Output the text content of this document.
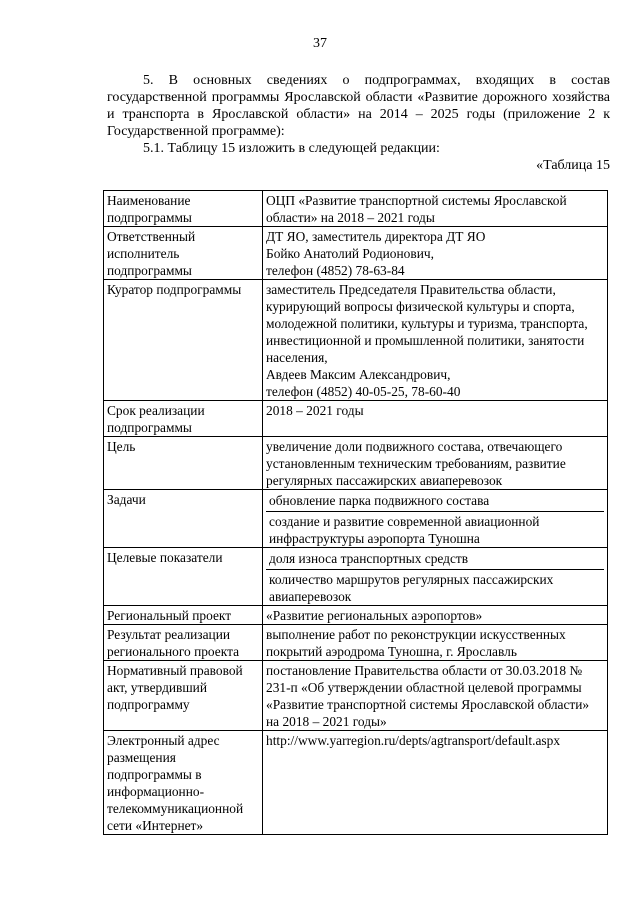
37
5. В основных сведениях о подпрограммах, входящих в состав государственной программы Ярославской области «Развитие дорожного хозяйства и транспорта в Ярославской области» на 2014 – 2025 годы (приложение 2 к Государственной программе):
5.1. Таблицу 15 изложить в следующей редакции:
«Таблица 15
Наименование подпрограммы	ОЦП «Развитие транспортной системы Ярославской области» на 2018 – 2021 годы
Ответственный исполнитель подпрограммы	ДТ ЯО, заместитель директора ДТ ЯО
Бойко Анатолий Родионович,
телефон (4852) 78-63-84

Куратор подпрограммы	заместитель Председателя Правительства области, курирующий вопросы физической культуры и спорта, молодежной политики, культуры и туризма, транспорта, инвестиционной и промышленной политики, занятости населения,
Авдеев Максим Александрович,
телефон (4852) 40-05-25, 78-60-40

Срок реализации подпрограммы	2018 – 2021 годы
Цель	увеличение доли подвижного состава, отвечающего установленным техническим требованиям, развитие регулярных пассажирских авиаперевозок
Задачи	обновление парка подвижного состава
создание и развитие современной авиационной инфраструктуры аэропорта Туношна

Целевые показатели	доля износа транспортных средств
количество маршрутов регулярных пассажирских авиаперевозок

Региональный проект	«Развитие региональных аэропортов»
Результат реализации регионального проекта	выполнение работ по реконструкции искусственных покрытий аэродрома Туношна, г. Ярославль
Нормативный правовой акт, утвердивший подпрограмму	постановление Правительства области от 30.03.2018 № 231-п «Об утверждении областной целевой программы «Развитие транспортной системы Ярославской области» на 2018 – 2021 годы»
Электронный адрес размещения подпрограммы в информационно-телекоммуникационной сети «Интернет»	http://www.yarregion.ru/depts/agtransport/default.aspx
